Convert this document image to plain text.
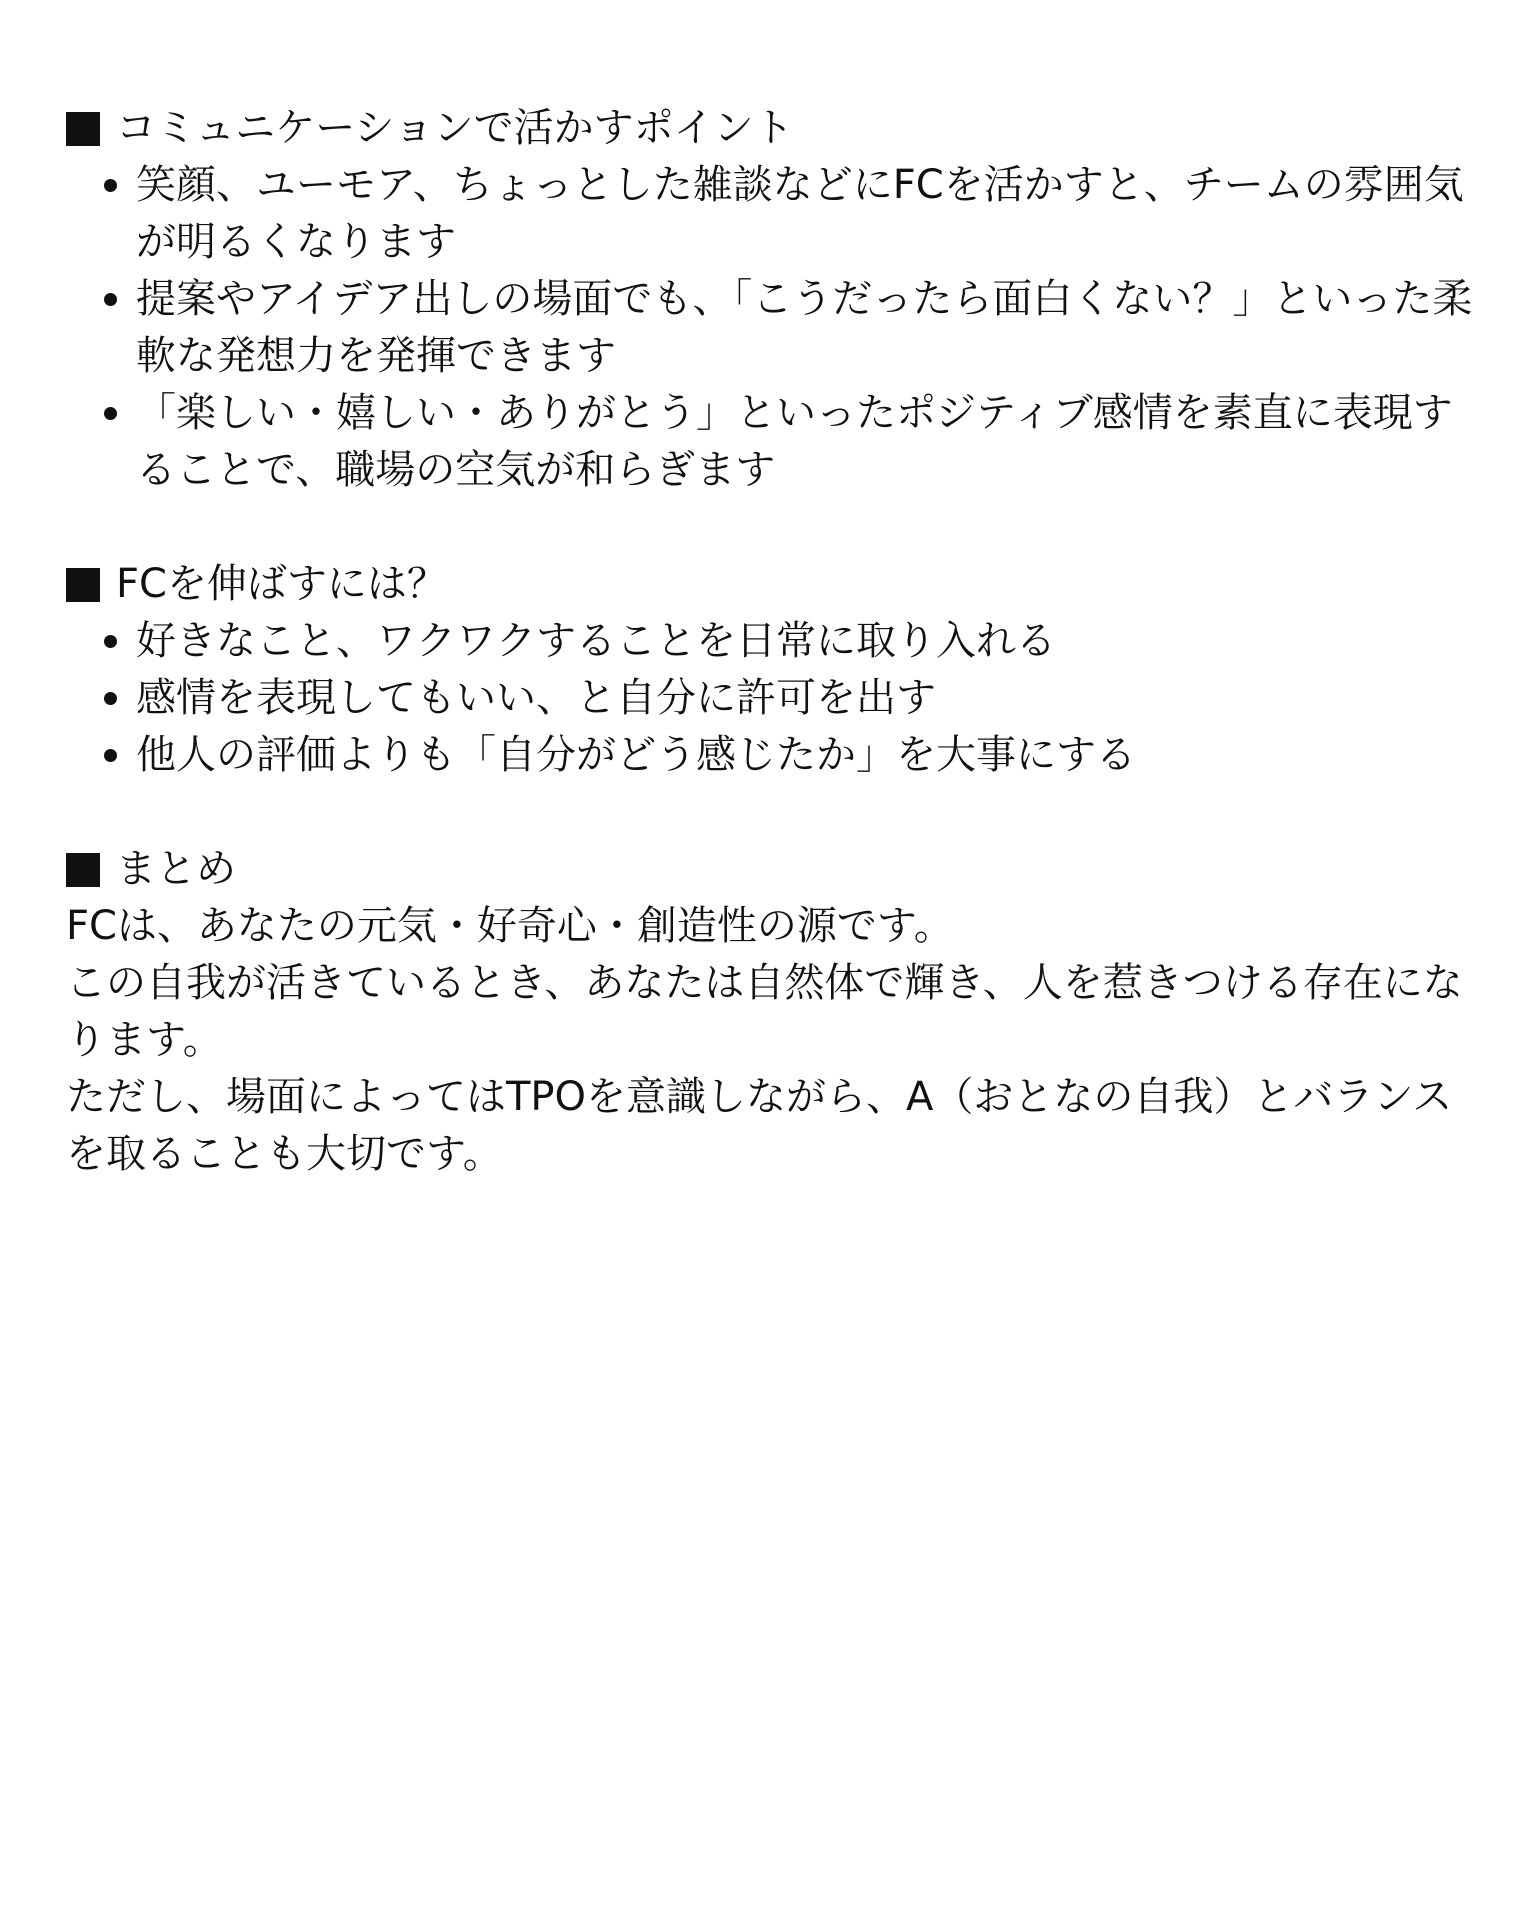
コミュニケーションで活かすポイント
笑顔、ユーモア、ちょっとした雑談などにFCを活かすと、チームの雰囲気が明るくなります
提案やアイデア出しの場面でも、「こうだったら面白くない？」といった柔軟な発想力を発揮できます
「楽しい・嬉しい・ありがとう」といったポジティブ感情を素直に表現することで、職場の空気が和らぎます
FCを伸ばすには？
好きなこと、ワクワクすることを日常に取り入れる
感情を表現してもいい、と自分に許可を出す
他人の評価よりも「自分がどう感じたか」を大事にする
まとめ

FCは、あなたの元気・好奇心・創造性の源です。

この自我が活きているとき、あなたは自然体で輝き、人を惹きつける存在になります。

ただし、場面によってはTPOを意識しながら、A（おとなの自我）とバランスを取ることも大切です。
